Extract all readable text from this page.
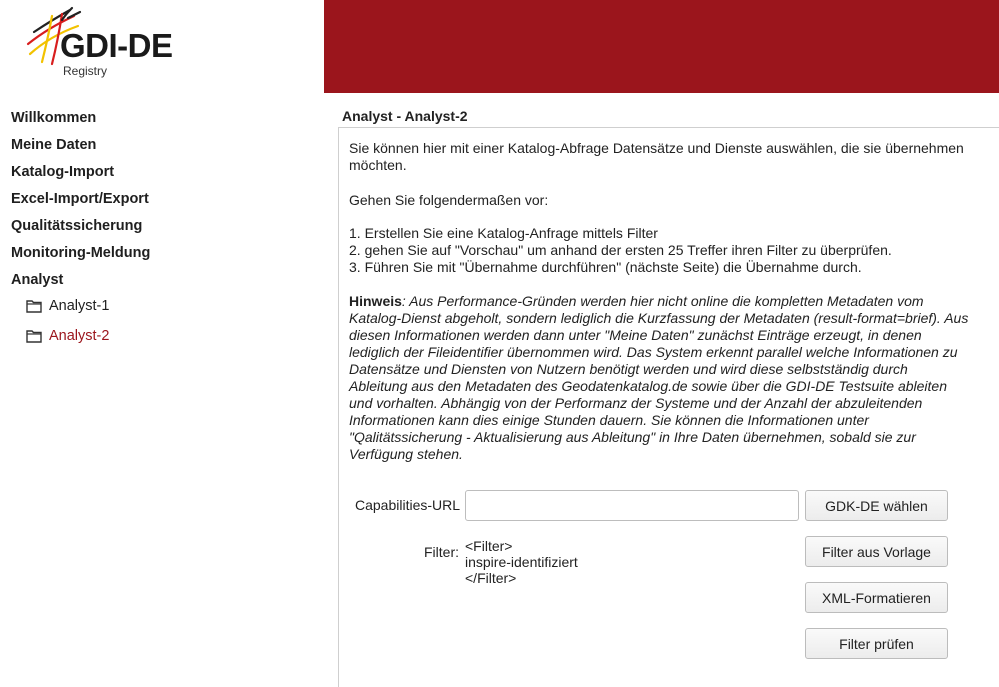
GDI-DE
Registry
Willkommen
Meine Daten
Katalog-Import
Excel-Import/Export
Qualitätssicherung
Monitoring-Meldung
Analyst
Analyst-1
Analyst-2
Analyst - Analyst-2
Sie können hier mit einer Katalog-Abfrage Datensätze und Dienste auswählen, die sie übernehmen möchten.
Gehen Sie folgendermaßen vor:
1. Erstellen Sie eine Katalog-Anfrage mittels Filter
2. gehen Sie auf "Vorschau" um anhand der ersten 25 Treffer ihren Filter zu überprüfen.
3. Führen Sie mit "Übernahme durchführen" (nächste Seite) die Übernahme durch.
Hinweis: Aus Performance-Gründen werden hier nicht online die kompletten Metadaten vom Katalog-Dienst abgeholt, sondern lediglich die Kurzfassung der Metadaten (result-format=brief). Aus diesen Informationen werden dann unter "Meine Daten" zunächst Einträge erzeugt, in denen lediglich der Fileidentifier übernommen wird. Das System erkennt parallel welche Informationen zu Datensätze und Diensten von Nutzern benötigt werden und wird diese selbstständig durch Ableitung aus den Metadaten des Geodatenkatalog.de sowie über die GDI-DE Testsuite ableiten und vorhalten. Abhängig von der Performanz der Systeme und der Anzahl der abzuleitenden Informationen kann dies einige Stunden dauern. Sie können die Informationen unter "Qalitätssicherung - Aktualisierung aus Ableitung" in Ihre Daten übernehmen, sobald sie zur Verfügung stehen.
Capabilities-URL	GDK-DE wählen
Filter: <Filter>
inspire-identifiziert
</Filter>
Filter aus Vorlage
XML-Formatieren
Filter prüfen
